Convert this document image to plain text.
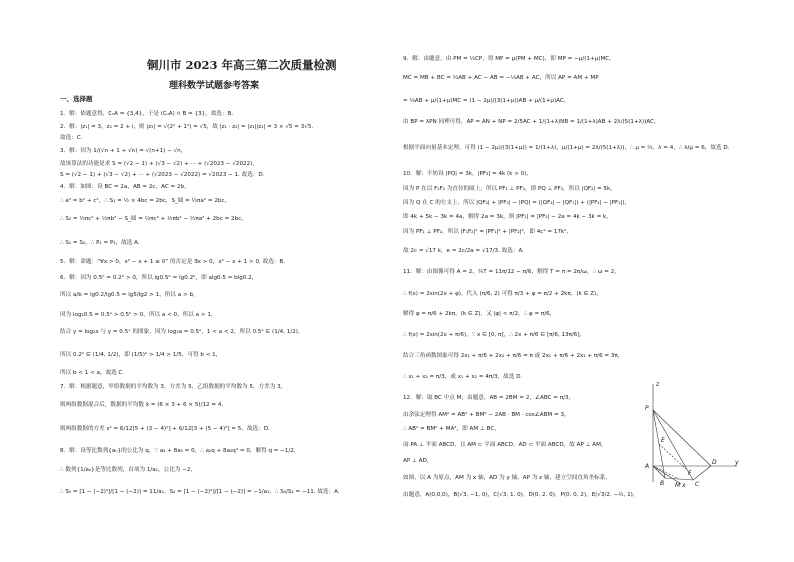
铜川市 2023 年高三第二次质量检测
理科数学试题参考答案
一、选择题
1．解：依题意得，∁ᵤA = {3,4}，于是 (∁ᵤA) ∩ B = {3}，故选：B.
2．解：|z₁| = 3，z₂ = 2 + i，则 |z₂| = √(2² + 1²) = √5，故 |z₁ · z₂| = |z₁||z₂| = 3 × √5 = 3√5.
故选：C.
3．解：因为 1/(√n + 1 + √n) = √(n+1) − √n，
故该算法的功能是求 S = (√2 − 1) + (√3 − √2) + ··· + (√2023 − √2022)，
S = (√2 − 1) + (√3 − √2) + ··· + (√2023 − √2022) = √2023 − 1. 故选：D.
4．解：如图：设 BC = 2a，AB = 2c，AC = 2b，
∴ a² = b² + c²，∴ S₁ = ½ × 4bc = 2bc，S_圆 = ½πa² = 2bc，
∴ S₂ = ½πc² + ½πb² − S_圆 = ½πc² + ½πb² − ½πa² + 2bc = 2bc，
∴ S₁ = S₂，∴ P₁ = P₂，故选 A.
5．解：命题：“∀x > 0，x² − x + 1 ≤ 0” 的否定是 ∃x > 0，x² − x + 1 > 0. 故选：B.
6．解：因为 0.5ᵇ = 0.2ᵇ > 0，所以 lg0.5ᵇ = lg0.2ᵇ，即 alg0.5 = blg0.2，
所以 a/b = lg0.2/lg0.5 = lg5/lg2 > 1，所以 a > b，
因为 log₂0.5 = 0.5ᵃ > 0.5ᵇ > 0，所以 a < 0，所以 a > 1，
结合 y = log₂x 与 y = 0.5ˣ 的图象，因为 log₂a = 0.5ᵃ，1 < a < 2，所以 0.5ᵃ ∈ (1/4, 1/2)，
所以 0.2ᵇ ∈ (1/4, 1/2)，即 (1/5)ᵇ > 1/4 > 1/5，可得 b < 1，
所以 b < 1 < a，故选 C.
7．解：根据题意，甲组数据的平均数为 3，方差为 5，乙组数据的平均数为 5，方差为 3，
则两组数据混合后，数据的平均数 x̄ = (6 × 3 + 6 × 5)/12 = 4，
则两组数据的方差 s² = 6/12[5 + (3 − 4)²] + 6/12[3 + (5 − 4)²] = 5，故选：D.
8．解：设等比数列{aₙ}的公比为 q，∵ a₂ + 8a₅ = 0，∴ a₂q + 8a₂q⁴ = 0，解得 q = −1/2，
∴ 数列{1/aₙ}是等比数列，首项为 1/a₁，公比为 −2，
∴ S₅ = [1 − (−2)⁵]/[1 − (−2)] = 11/a₁，S₂ = [1 − (−2)²]/[1 − (−2)] = −1/a₁，∴ S₅/S₂ = −11. 故选：A.
9．解：由题意，由 PM = ⅓CP，得 MP = μ(PM + MC)，即 MP = −μ/(1+μ)MC，
MC = MB + BC = ⅔AB + AC − AB = −⅓AB + AC，所以 AP = AM + MP
= ⅓AB + μ/(1+μ)MC = (1 − 2μ)/(3(1+μ))AB + μ/(1+μ)AC，
由 BP = λPN 同理可得，AP = AN + NP = 2/5AC + 1/(1+λ)NB = 1/(1+λ)AB + 2λ/(5(1+λ))AC，
根据平面向量基本定理，可得 (1 − 2μ)/(3(1+μ)) = 1/(1+λ)，μ/(1+μ) = 2λ/(5(1+λ))，∴ μ = ⅔，λ = 4，∴ λ/μ = 6，故选 D.
10．解：不妨设 |PQ| = 3k，|PF₂| = 4k (k > 0)，
因为 P 在以 F₁F₂ 为直径的圆上，所以 PF₁ ⊥ PF₂，即 PQ ⊥ PF₂，所以 |QF₂| = 5k，
因为 Q 在 C 的左支上，所以 |QF₂| + |PF₂| − |PQ| = (|QF₂| − |QF₁|) + (|PF₂| − |PF₁|)，
即 4k + 5k − 3k = 4a，解得 2a = 3k，则 |PF₁| = |PF₂| − 2a = 4k − 3k = k，
因为 PF₁ ⊥ PF₂，所以 |F₁F₂|² = |PF₁|² + |PF₂|²，即 4c² = 17k²，
故 2c = √17 k，e = 2c/2a = √17/3. 故选：A.
11．解：由图像可得 A = 2，¾T = 11π/12 − π/6，解得 T = π = 2π/ω，∴ ω = 2，
∴ f(x) = 2sin(2x + φ)，代入 (π/6, 2) 可得 π/3 + φ = π/2 + 2kπ，(k ∈ Z)，
解得 φ = π/6 + 2kπ，(k ∈ Z)，又 |φ| < π/2，∴ φ = π/6，
∴ f(x) = 2sin(2x + π/6)，∵ x ∈ [0, π]，∴ 2x + π/6 ∈ [π/6, 13π/6]，
结合三角函数图象可得 2x₁ + π/6 + 2x₂ + π/6 = π 或 2x₁ + π/6 + 2x₂ + π/6 = 3π，
∴ x₁ + x₂ = π/3，或 x₁ + x₂ = 4π/3，故选 D.
12．解：取 BC 中点 M，由题意，AB = 2BM = 2，∠ABC = π/3，
由余弦定理得 AM² = AB² + BM² − 2AB · BM · cos∠ABM = 3，
∴ AB² = BM² + MA²，即 AM ⊥ BC，
而 PA ⊥ 平面 ABCD，且 AM ⊂ 平面 ABCD，AD ⊂ 平面 ABCD，故 AP ⊥ AM，
AP ⊥ AD，
如图，以 A 为原点，AM 为 x 轴，AD 为 y 轴，AP 为 z 轴，建立空间直角坐标系，
由题意，A(0,0,0)，B(√3, −1, 0)，C(√3, 1, 0)，D(0, 2, 0)，P(0, 0, 2)，E(√3/2, −½, 1)，
z
P
A
D	y
B M C
x
F
E
